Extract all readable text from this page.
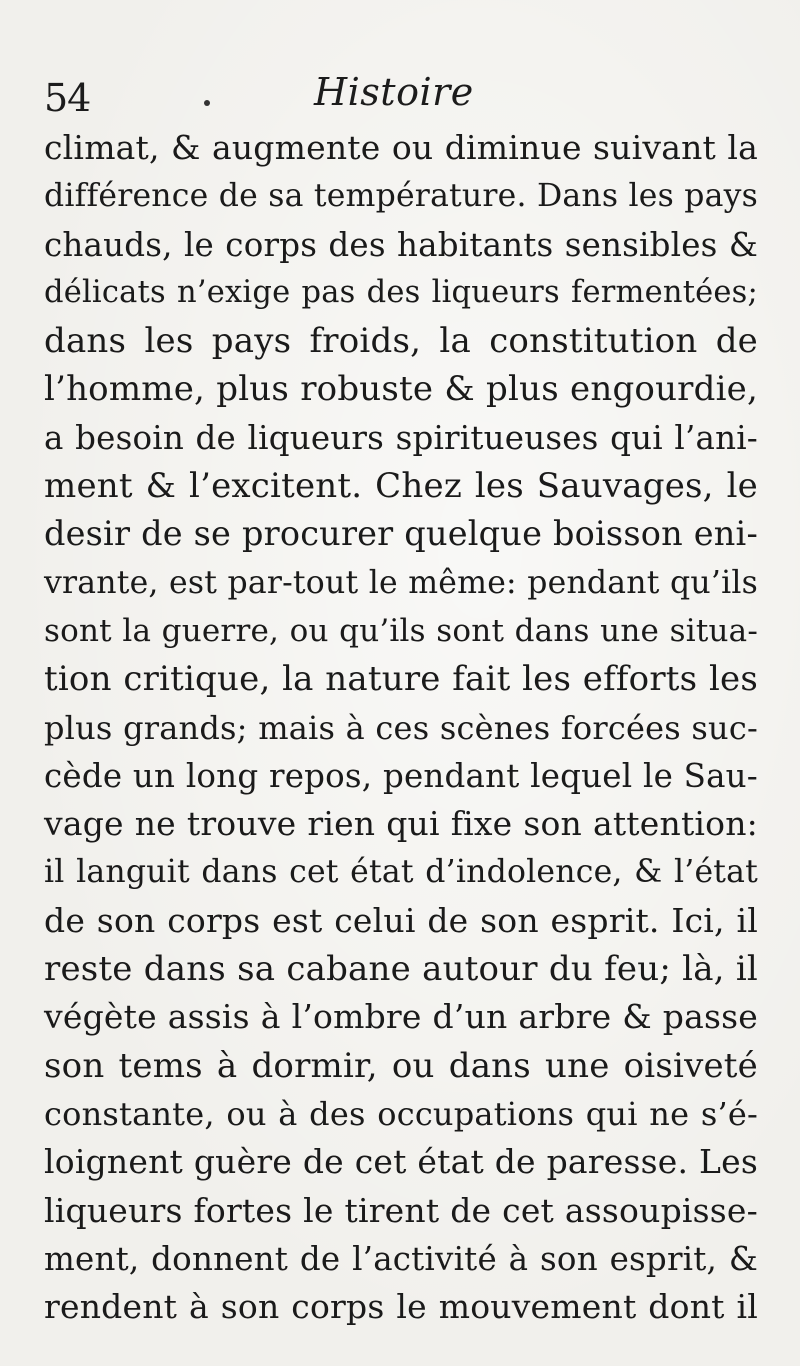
54	Histoire
climat, & augmente ou diminue suivant la
différence de sa température. Dans les pays
chauds, le corps des habitants sensibles &
délicats n’exige pas des liqueurs fermentées;
dans les pays froids, la constitution de
l’homme, plus robuste & plus engourdie,
a besoin de liqueurs spiritueuses qui l’ani-
ment & l’excitent. Chez les Sauvages, le
desir de se procurer quelque boisson eni-
vrante, est par-tout le même: pendant qu’ils
sont la guerre, ou qu’ils sont dans une situa-
tion critique, la nature fait les efforts les
plus grands; mais à ces scènes forcées suc-
cède un long repos, pendant lequel le Sau-
vage ne trouve rien qui fixe son attention:
il languit dans cet état d’indolence, & l’état
de son corps est celui de son esprit. Ici, il
reste dans sa cabane autour du feu; là, il
végète assis à l’ombre d’un arbre & passe
son tems à dormir, ou dans une oisiveté
constante, ou à des occupations qui ne s’é-
loignent guère de cet état de paresse. Les
liqueurs fortes le tirent de cet assoupisse-
ment, donnent de l’activité à son esprit, &
rendent à son corps le mouvement dont il
